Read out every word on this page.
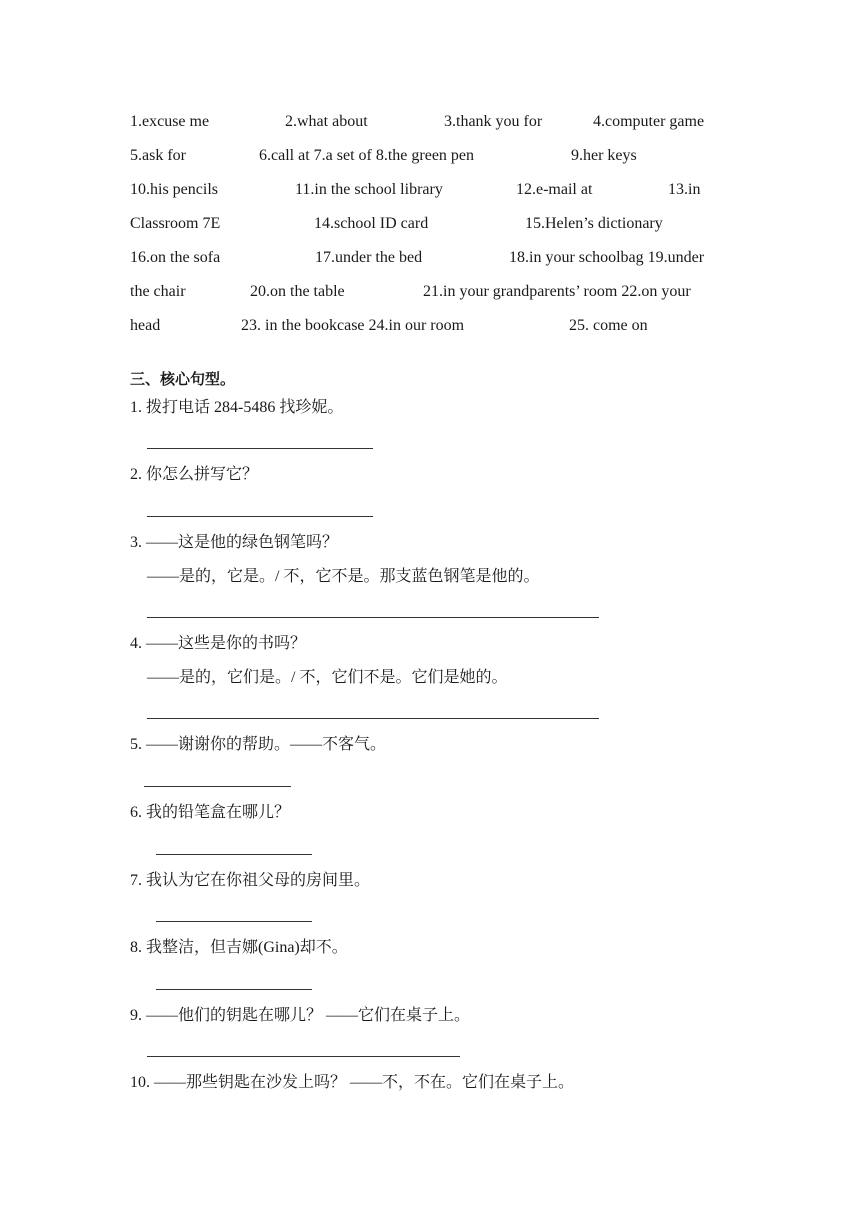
1.excuse me	2.what about	3.thank you for	4.computer game
5.ask for	6.call at 7.a set of 8.the green pen	9.her keys
10.his pencils	11.in the school library	12.e-mail at	13.in
Classroom 7E	14.school ID card	15.Helen’s dictionary
16.on the sofa	17.under the bed	18.in your schoolbag 19.under
the chair	20.on the table	21.in your grandparents’ room 22.on your
head	23. in the bookcase 24.in our room	25. come on
三、核心句型。
1. 拨打电话 284-5486 找珍妮。
2. 你怎么拼写它？
3. ——这是他的绿色钢笔吗？
——是的，它是。/ 不，它不是。那支蓝色钢笔是他的。
4. ——这些是你的书吗？
——是的，它们是。/ 不，它们不是。它们是她的。
5. ——谢谢你的帮助。——不客气。
6. 我的铅笔盒在哪儿？
7. 我认为它在你祖父母的房间里。
8. 我整洁，但吉娜(Gina)却不。
9. ——他们的钥匙在哪儿？ ——它们在桌子上。
10. ——那些钥匙在沙发上吗？ ——不，不在。它们在桌子上。
